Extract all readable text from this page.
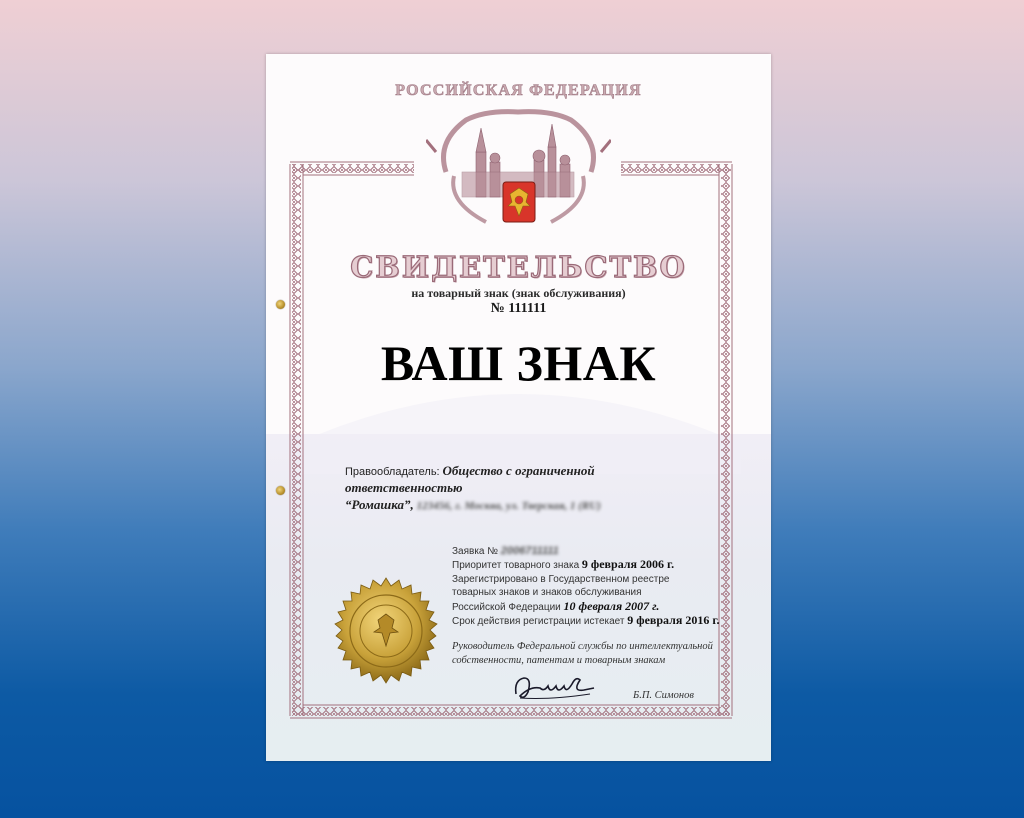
РОССИЙСКАЯ ФЕДЕРАЦИЯ
СВИДЕТЕЛЬСТВО
на товарный знак (знак обслуживания)
№ 111111
ВАШ ЗНАК
Правообладатель: Общество с ограниченной ответственностью
“Ромашка”, 123456, г. Москва, ул. Тверская, 1 (RU)
Заявка № 2006711111
Приоритет товарного знака 9 февраля 2006 г.
Зарегистрировано в Государственном реестре
товарных знаков и знаков обслуживания
Российской Федерации 10 февраля 2007 г.
Срок действия регистрации истекает 9 февраля 2016 г.
Руководитель Федеральной службы по интеллектуальной
собственности, патентам и товарным знакам
Б.П. Симонов
